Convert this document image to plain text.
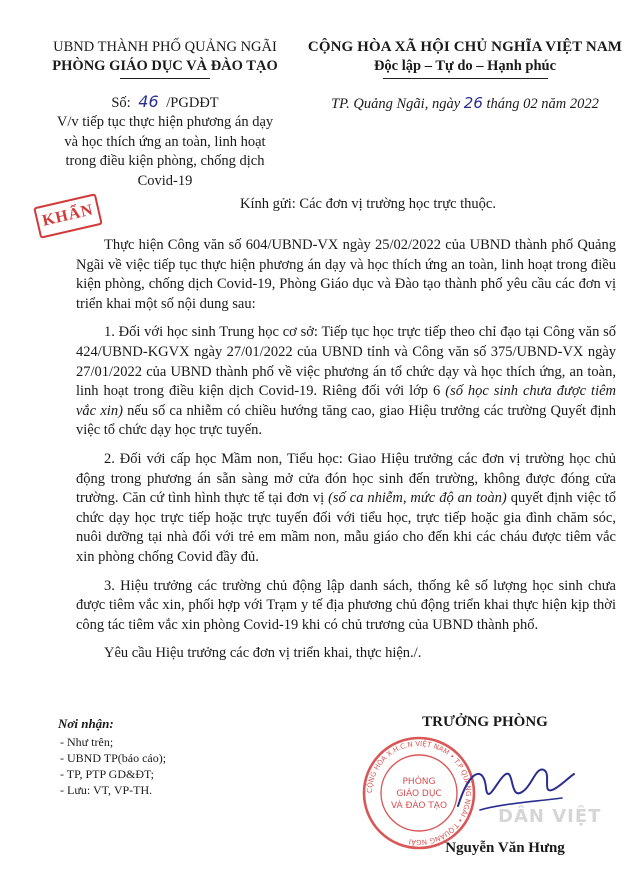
UBND THÀNH PHỐ QUẢNG NGÃI
PHÒNG GIÁO DỤC VÀ ĐÀO TẠO
CỘNG HÒA XÃ HỘI CHỦ NGHĨA VIỆT NAM
Độc lập – Tự do – Hạnh phúc
Số: 46 /PGDĐT
V/v tiếp tục thực hiện phương án dạy
và học thích ứng an toàn, linh hoạt
trong điều kiện phòng, chống dịch
Covid-19
TP. Quảng Ngãi, ngày 26 tháng 02 năm 2022
KHẨN	Kính gửi: Các đơn vị trường học trực thuộc.

Thực hiện Công văn số 604/UBND-VX ngày 25/02/2022 của UBND thành phố Quảng Ngãi về việc tiếp tục thực hiện phương án dạy và học thích ứng an toàn, linh hoạt trong điều kiện phòng, chống dịch Covid-19, Phòng Giáo dục và Đào tạo thành phố yêu cầu các đơn vị triển khai một số nội dung sau:

1. Đối với học sinh Trung học cơ sở: Tiếp tục học trực tiếp theo chỉ đạo tại Công văn số 424/UBND-KGVX ngày 27/01/2022 của UBND tỉnh và Công văn số 375/UBND-VX ngày 27/01/2022 của UBND thành phố về việc phương án tổ chức dạy và học thích ứng, an toàn, linh hoạt trong điều kiện dịch Covid-19. Riêng đối với lớp 6 (số học sinh chưa được tiêm vắc xin) nếu số ca nhiễm có chiều hướng tăng cao, giao Hiệu trưởng các trường Quyết định việc tổ chức dạy học trực tuyến.

2. Đối với cấp học Mầm non, Tiểu học: Giao Hiệu trưởng các đơn vị trường học chủ động trong phương án sẵn sàng mở cửa đón học sinh đến trường, không được đóng cửa trường. Căn cứ tình hình thực tế tại đơn vị (số ca nhiễm, mức độ an toàn) quyết định việc tổ chức dạy học trực tiếp hoặc trực tuyến đối với tiểu học, trực tiếp hoặc gia đình chăm sóc, nuôi dưỡng tại nhà đối với trẻ em mầm non, mẫu giáo cho đến khi các cháu được tiêm vắc xin phòng chống Covid đầy đủ.

3. Hiệu trưởng các trường chủ động lập danh sách, thống kê số lượng học sinh chưa được tiêm vắc xin, phối hợp với Trạm y tế địa phương chủ động triển khai thực hiện kịp thời công tác tiêm vắc xin phòng Covid-19 khi có chủ trương của UBND thành phố.

Yêu cầu Hiệu trưởng các đơn vị triển khai, thực hiện./.

Nơi nhận:
- Như trên;
- UBND TP(báo cáo);
- TP, PTP GD&ĐT;
- Lưu: VT, VP-TH.
TRƯỞNG PHÒNG
CỘNG HÒA X.H.C.N VIỆT NAM • T.P QUẢNG NGÃI • T.QUẢNG NGÃI
PHÒNG
GIÁO DỤC
VÀ ĐÀO TẠO	DÂN VIỆT
Nguyễn Văn Hưng
